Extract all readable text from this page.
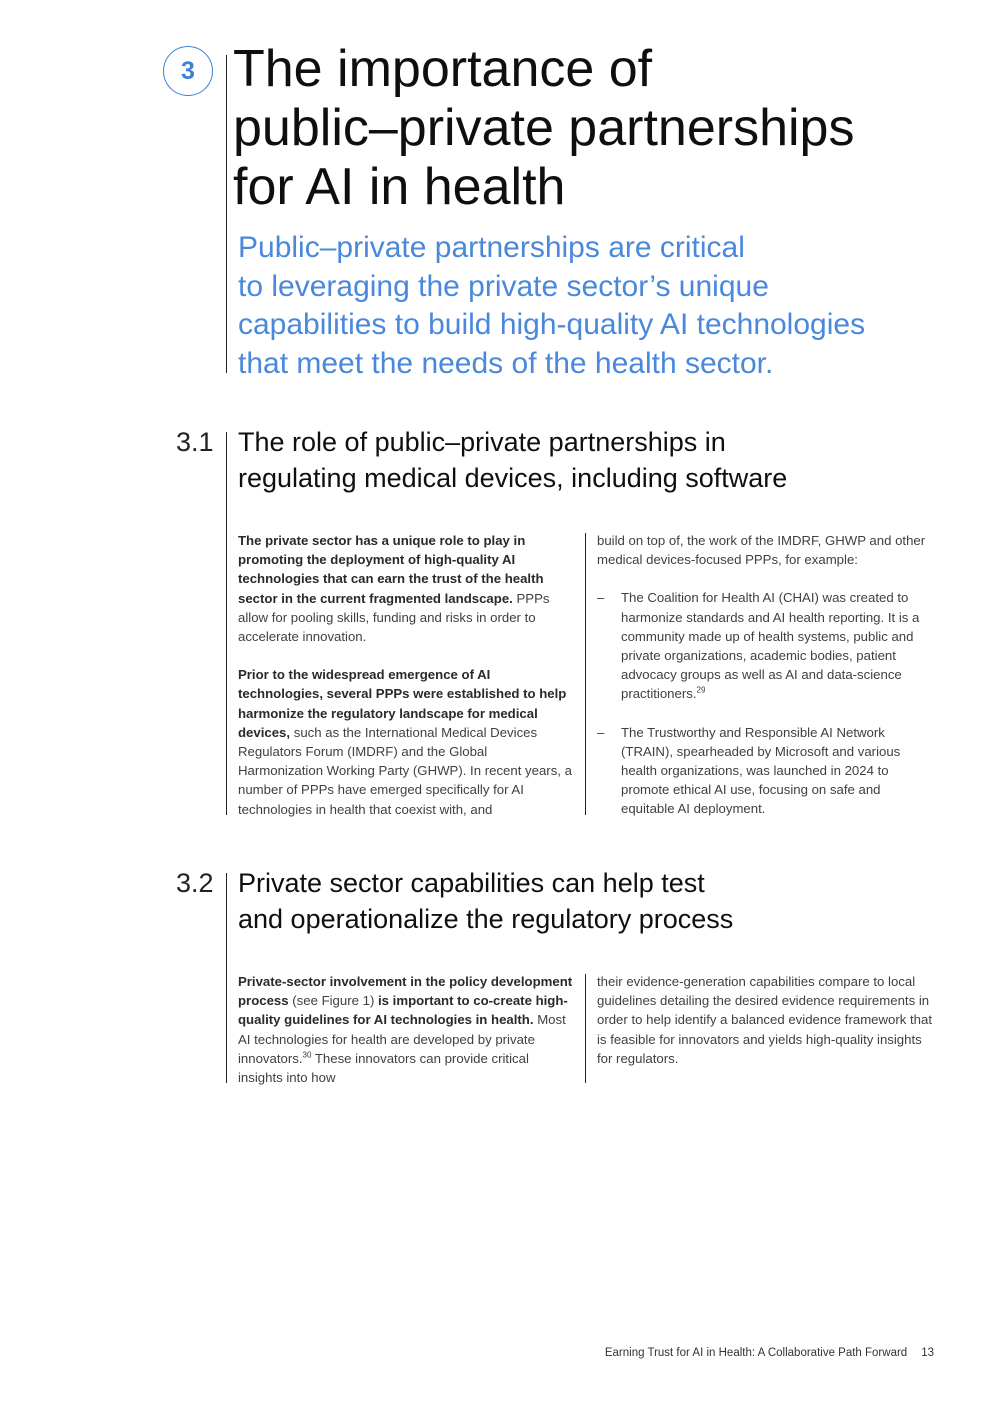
3 The importance of
public–private partnerships
for AI in health

Public–private partnerships are critical
to leveraging the private sector’s unique
capabilities to build high-quality AI technologies
that meet the needs of the health sector.

3.1 The role of public–private partnerships in
regulating medical devices, including software

The private sector has a unique role to play in promoting the deployment of high-quality AI technologies that can earn the trust of the health sector in the current fragmented landscape. PPPs allow for pooling skills, funding and risks in order to accelerate innovation.

Prior to the widespread emergence of AI technologies, several PPPs were established to help harmonize the regulatory landscape for medical devices, such as the International Medical Devices Regulators Forum (IMDRF) and the Global Harmonization Working Party (GHWP). In recent years, a number of PPPs have emerged specifically for AI technologies in health that coexist with, and

build on top of, the work of the IMDRF, GHWP and other medical devices-focused PPPs, for example:

– The Coalition for Health AI (CHAI) was created to harmonize standards and AI health reporting. It is a community made up of health systems, public and private organizations, academic bodies, patient advocacy groups as well as AI and data-science practitioners.$^{29}$
– The Trustworthy and Responsible AI Network (TRAIN), spearheaded by Microsoft and various health organizations, was launched in 2024 to promote ethical AI use, focusing on safe and equitable AI deployment.
3.2 Private sector capabilities can help test
and operationalize the regulatory process

Private-sector involvement in the policy development process (see Figure 1) is important to co-create high-quality guidelines for AI technologies in health. Most AI technologies for health are developed by private innovators.$^{30}$ These innovators can provide critical insights into how

their evidence-generation capabilities compare to local guidelines detailing the desired evidence requirements in order to help identify a balanced evidence framework that is feasible for innovators and yields high-quality insights for regulators.

Earning Trust for AI in Health: A Collaborative Path Forward 13
